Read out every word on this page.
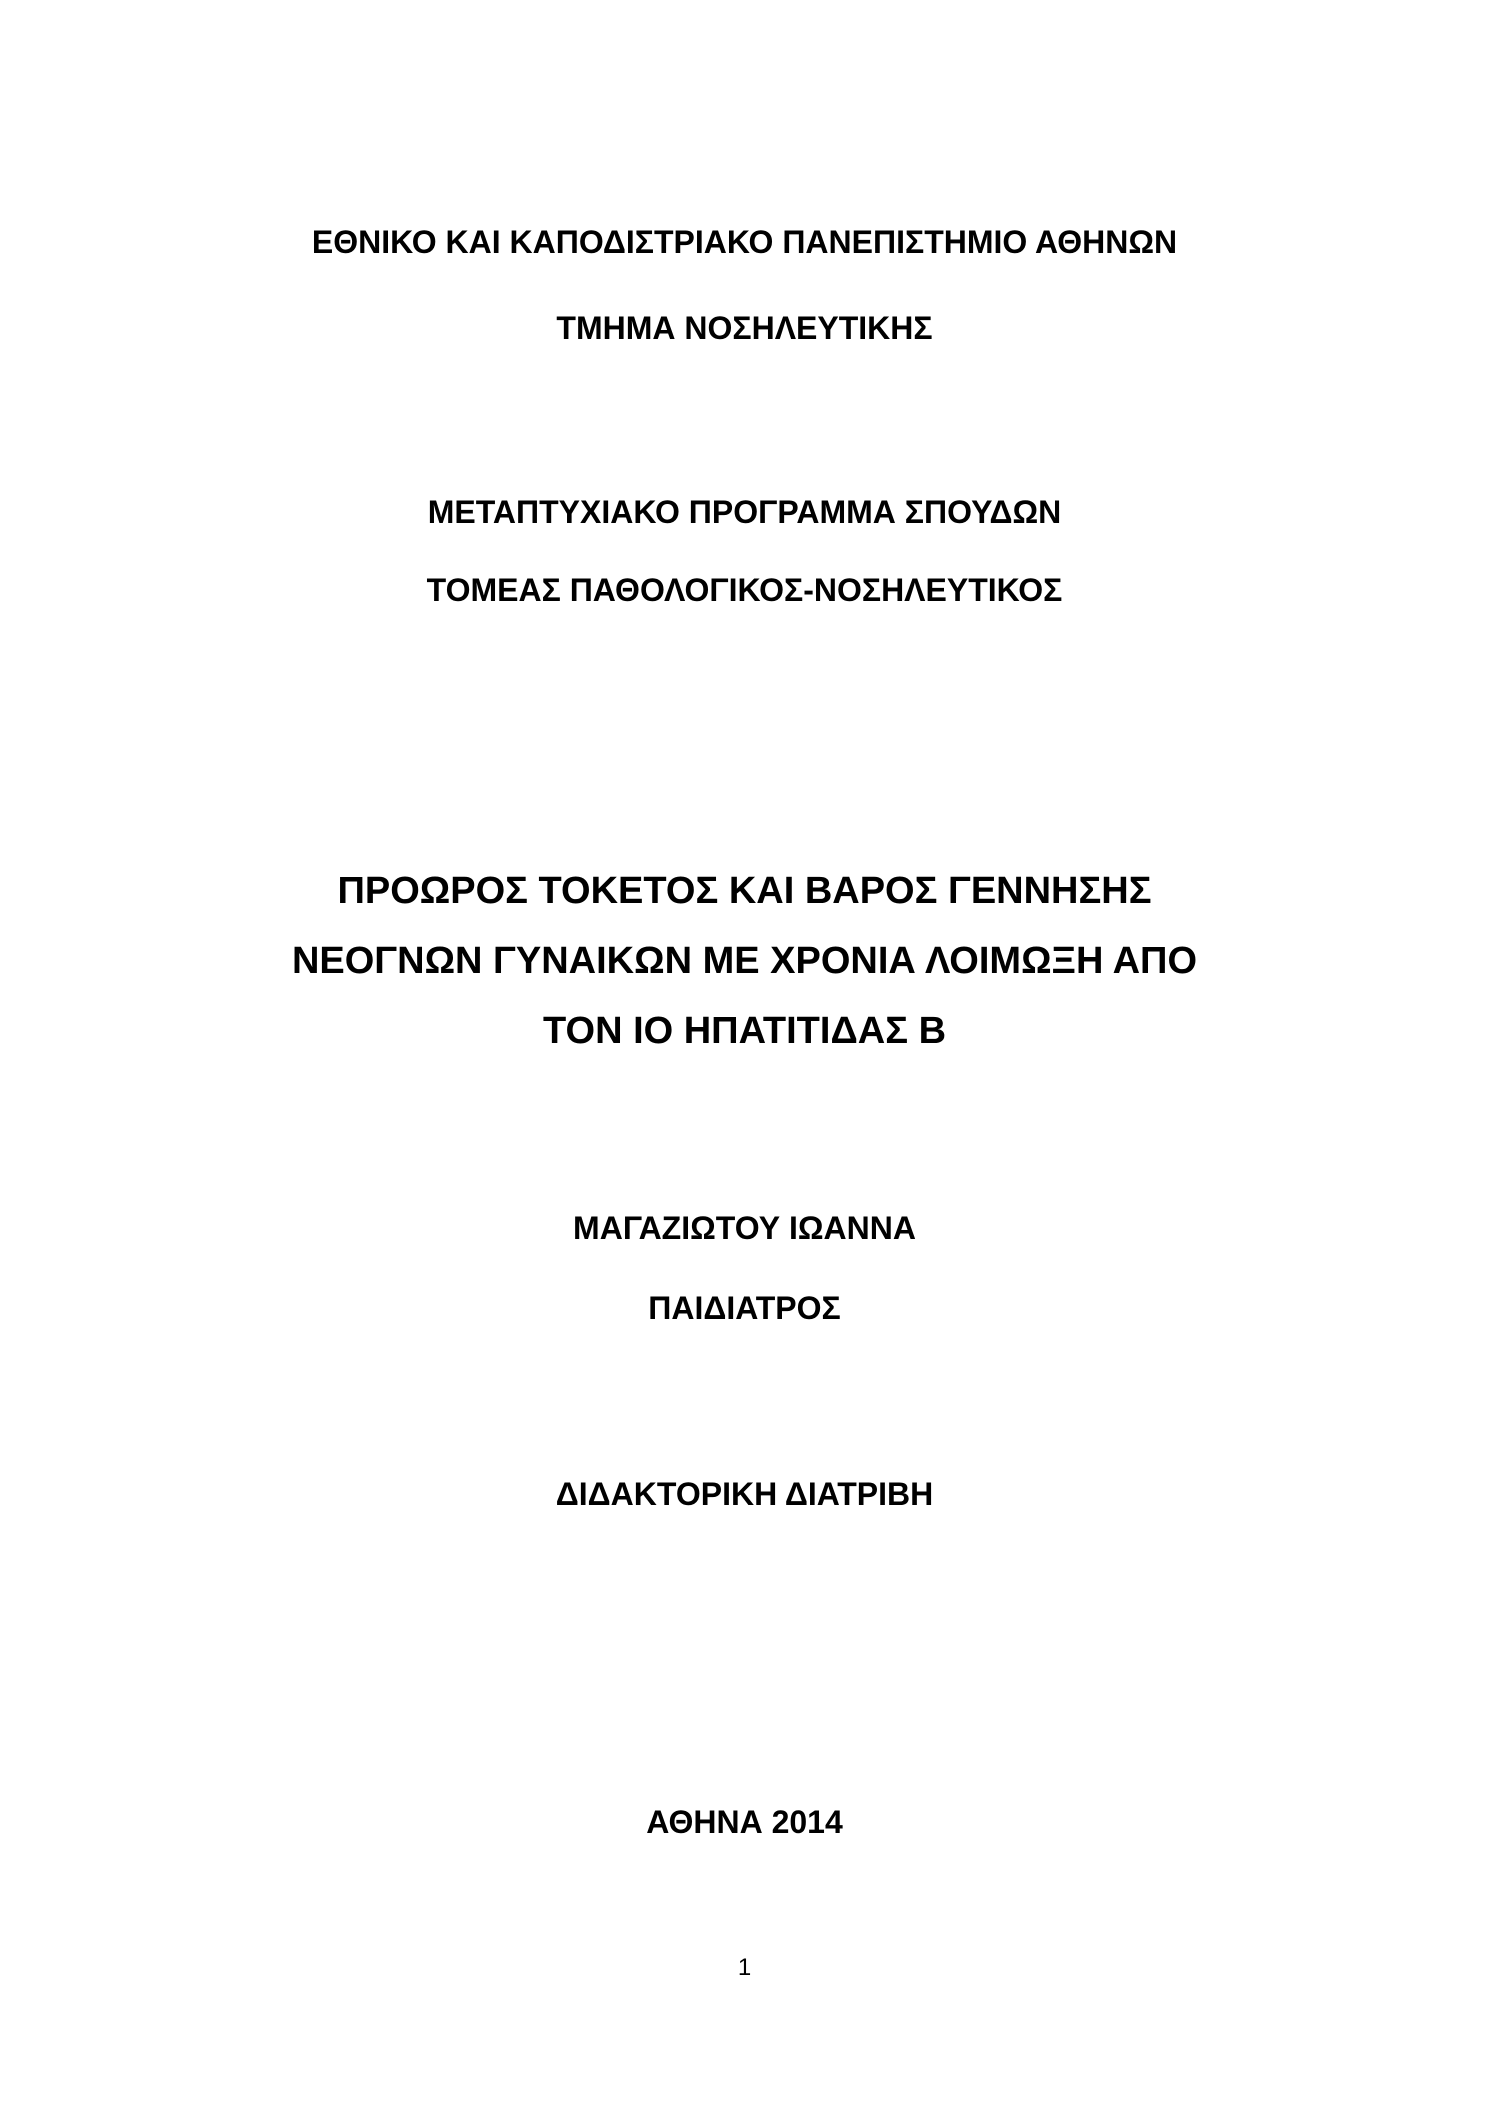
ΕΘΝΙΚΟ ΚΑΙ ΚΑΠΟΔΙΣΤΡΙΑΚΟ ΠΑΝΕΠΙΣΤΗΜΙΟ ΑΘΗΝΩΝ
ΤΜΗΜΑ ΝΟΣΗΛΕΥΤΙΚΗΣ
ΜΕΤΑΠΤΥΧΙΑΚΟ ΠΡΟΓΡΑΜΜΑ ΣΠΟΥΔΩΝ
ΤΟΜΕΑΣ ΠΑΘΟΛΟΓΙΚΟΣ-ΝΟΣΗΛΕΥΤΙΚΟΣ
ΠΡΟΩΡΟΣ ΤΟΚΕΤΟΣ ΚΑΙ ΒΑΡΟΣ ΓΕΝΝΗΣΗΣ
ΝΕΟΓΝΩΝ ΓΥΝΑΙΚΩΝ ΜΕ ΧΡΟΝΙΑ ΛΟΙΜΩΞΗ ΑΠΟ
ΤΟΝ ΙΟ ΗΠΑΤΙΤΙΔΑΣ Β
ΜΑΓΑΖΙΩΤΟΥ ΙΩΑΝΝΑ
ΠΑΙΔΙΑΤΡΟΣ
ΔΙΔΑΚΤΟΡΙΚΗ ΔΙΑΤΡΙΒΗ
ΑΘΗΝΑ 2014
1
